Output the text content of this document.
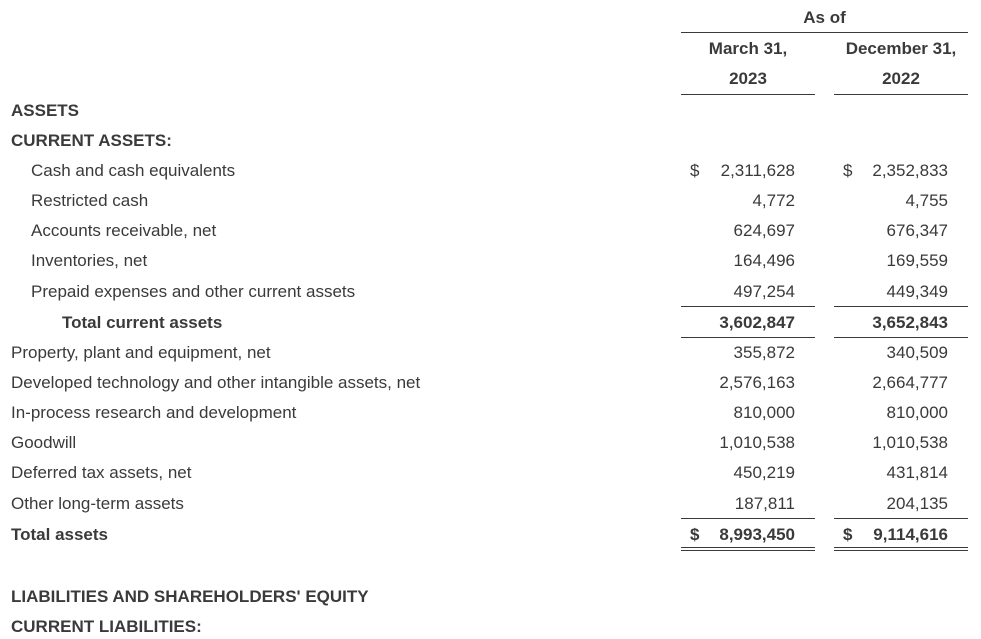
As of
March 31,
2023
December 31,
2022
ASSETS
CURRENT ASSETS:
Cash and cash equivalents	$	2,311,628	$	2,352,833
Restricted cash	4,772	4,755
Accounts receivable, net	624,697	676,347
Inventories, net	164,496	169,559
Prepaid expenses and other current assets	497,254	449,349
Total current assets	3,602,847	3,652,843
Property, plant and equipment, net	355,872	340,509
Developed technology and other intangible assets, net	2,576,163	2,664,777
In-process research and development	810,000	810,000
Goodwill	1,010,538	1,010,538
Deferred tax assets, net	450,219	431,814
Other long-term assets	187,811	204,135
Total assets	$	8,993,450	$	9,114,616
LIABILITIES AND SHAREHOLDERS' EQUITY
CURRENT LIABILITIES:
